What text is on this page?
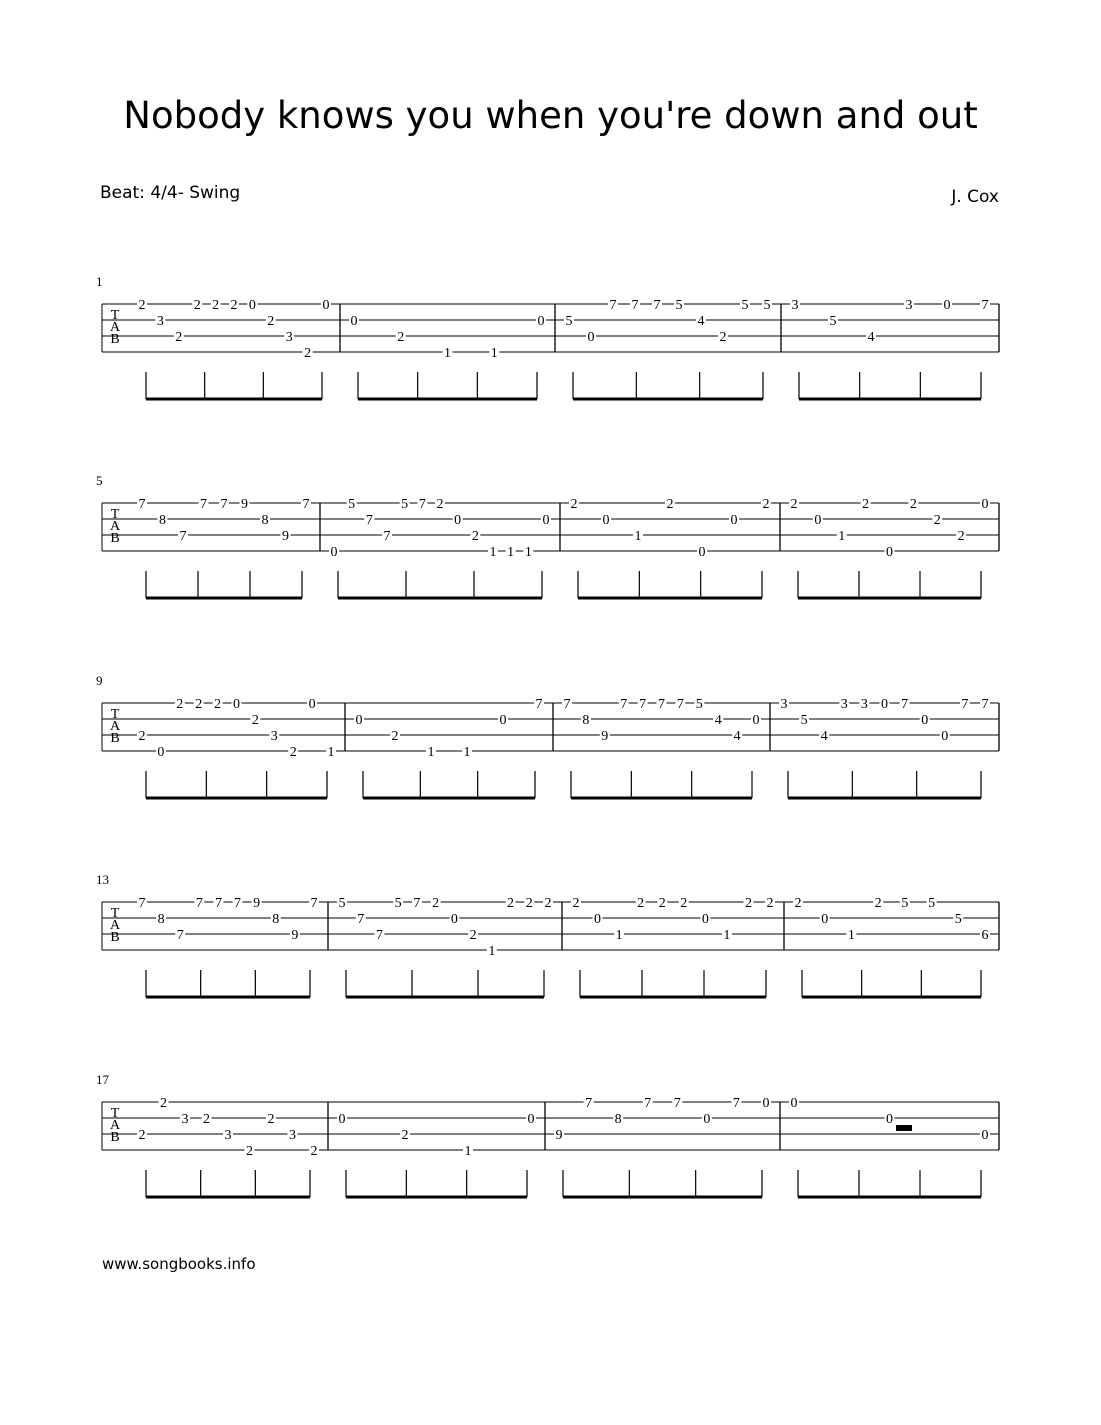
Nobody knows you when you're down and out
Beat: 4/4- Swing	J. Cox
www.songbooks.info
1
T
A
B
2
3
2
2 2 2 0
2
3
2
0
0
2
1	1
0 5
0
7 7 7 5
4
2
5 5 3
5
4
3 0 7
5
T
A
B
7
8
7
7 7 9
8
9
7
0
5
7
7
5 7 2
0
2
1 1 1
0
2
0
1
2
0
0
2 2
0
1
2
0
2
2
2
0
9
T
A
B 2
0
2 2 2 0
2
3
2
0
1
0
2
1 1
0
7 7
8
9
7 7 7 7 5
4
4
0
3
5
4
3 3 0 7
0
0
7 7
13
T
A
B
7
8
7
7 7 7 9
8
9
7 5
7
7
5 7 2
0
2
1
2 2 2 2
0
1
2 2 2
0
1
2 2 2
0
1
2 5 5
5
6
17
T
A
B 2
2
3 2
3
2
2
3
2
0
2
1
0
9
7
8
7 7
0
7 0 0
0
0
